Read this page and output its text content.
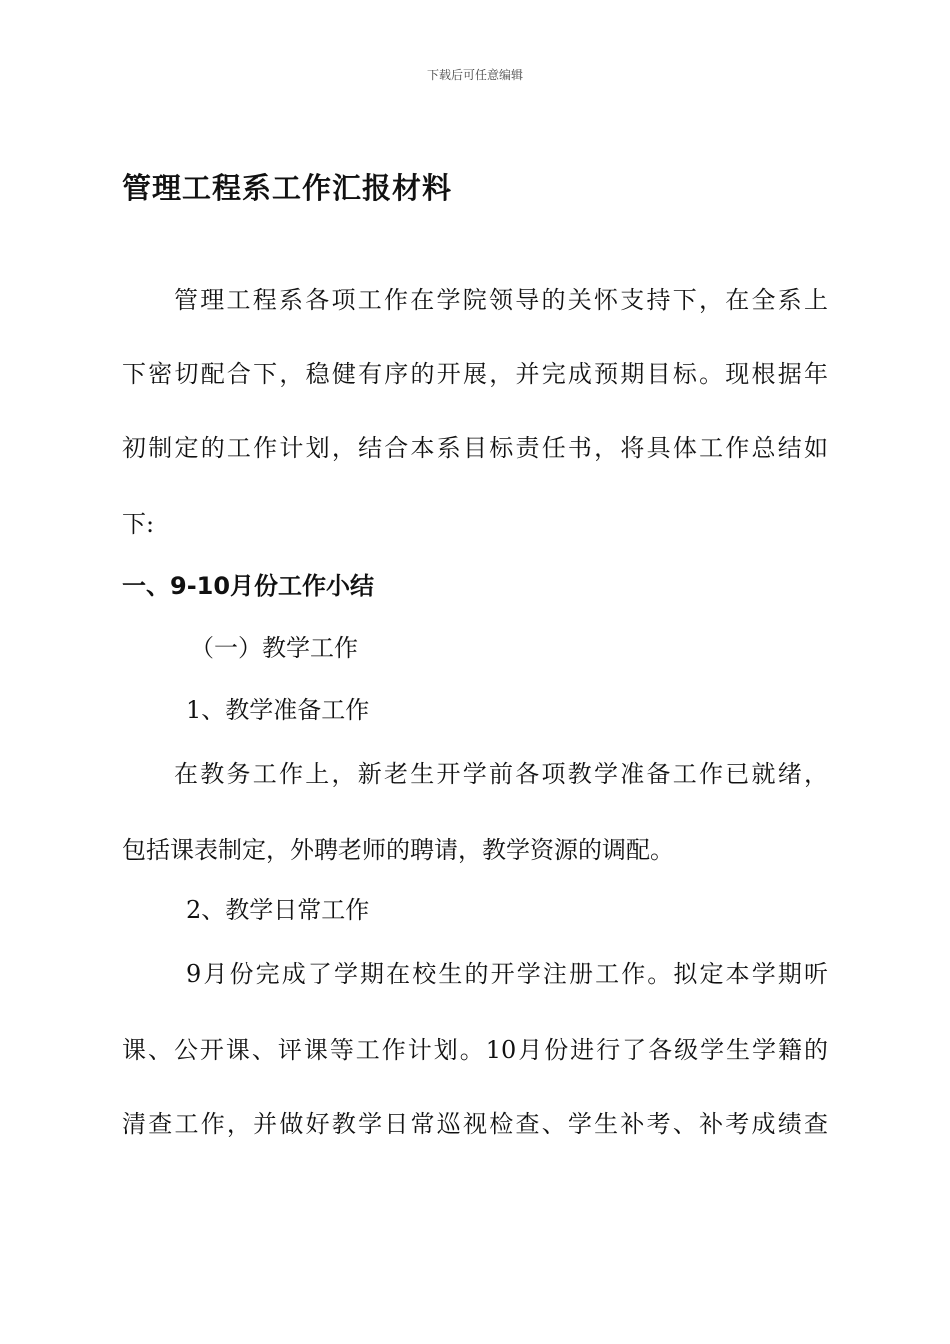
下载后可任意编辑
管理工程系工作汇报材料
管理工程系各项工作在学院领导的关怀支持下，在全系上
下密切配合下，稳健有序的开展，并完成预期目标。现根据年
初制定的工作计划，结合本系目标责任书，将具体工作总结如
下:
一、9-10月份工作小结
（一）教学工作
1、教学准备工作
在教务工作上，新老生开学前各项教学准备工作已就绪，
包括课表制定，外聘老师的聘请，教学资源的调配。
2、教学日常工作
9月份完成了学期在校生的开学注册工作。拟定本学期听
课、公开课、评课等工作计划。10月份进行了各级学生学籍的
清查工作，并做好教学日常巡视检查、学生补考、补考成绩查
